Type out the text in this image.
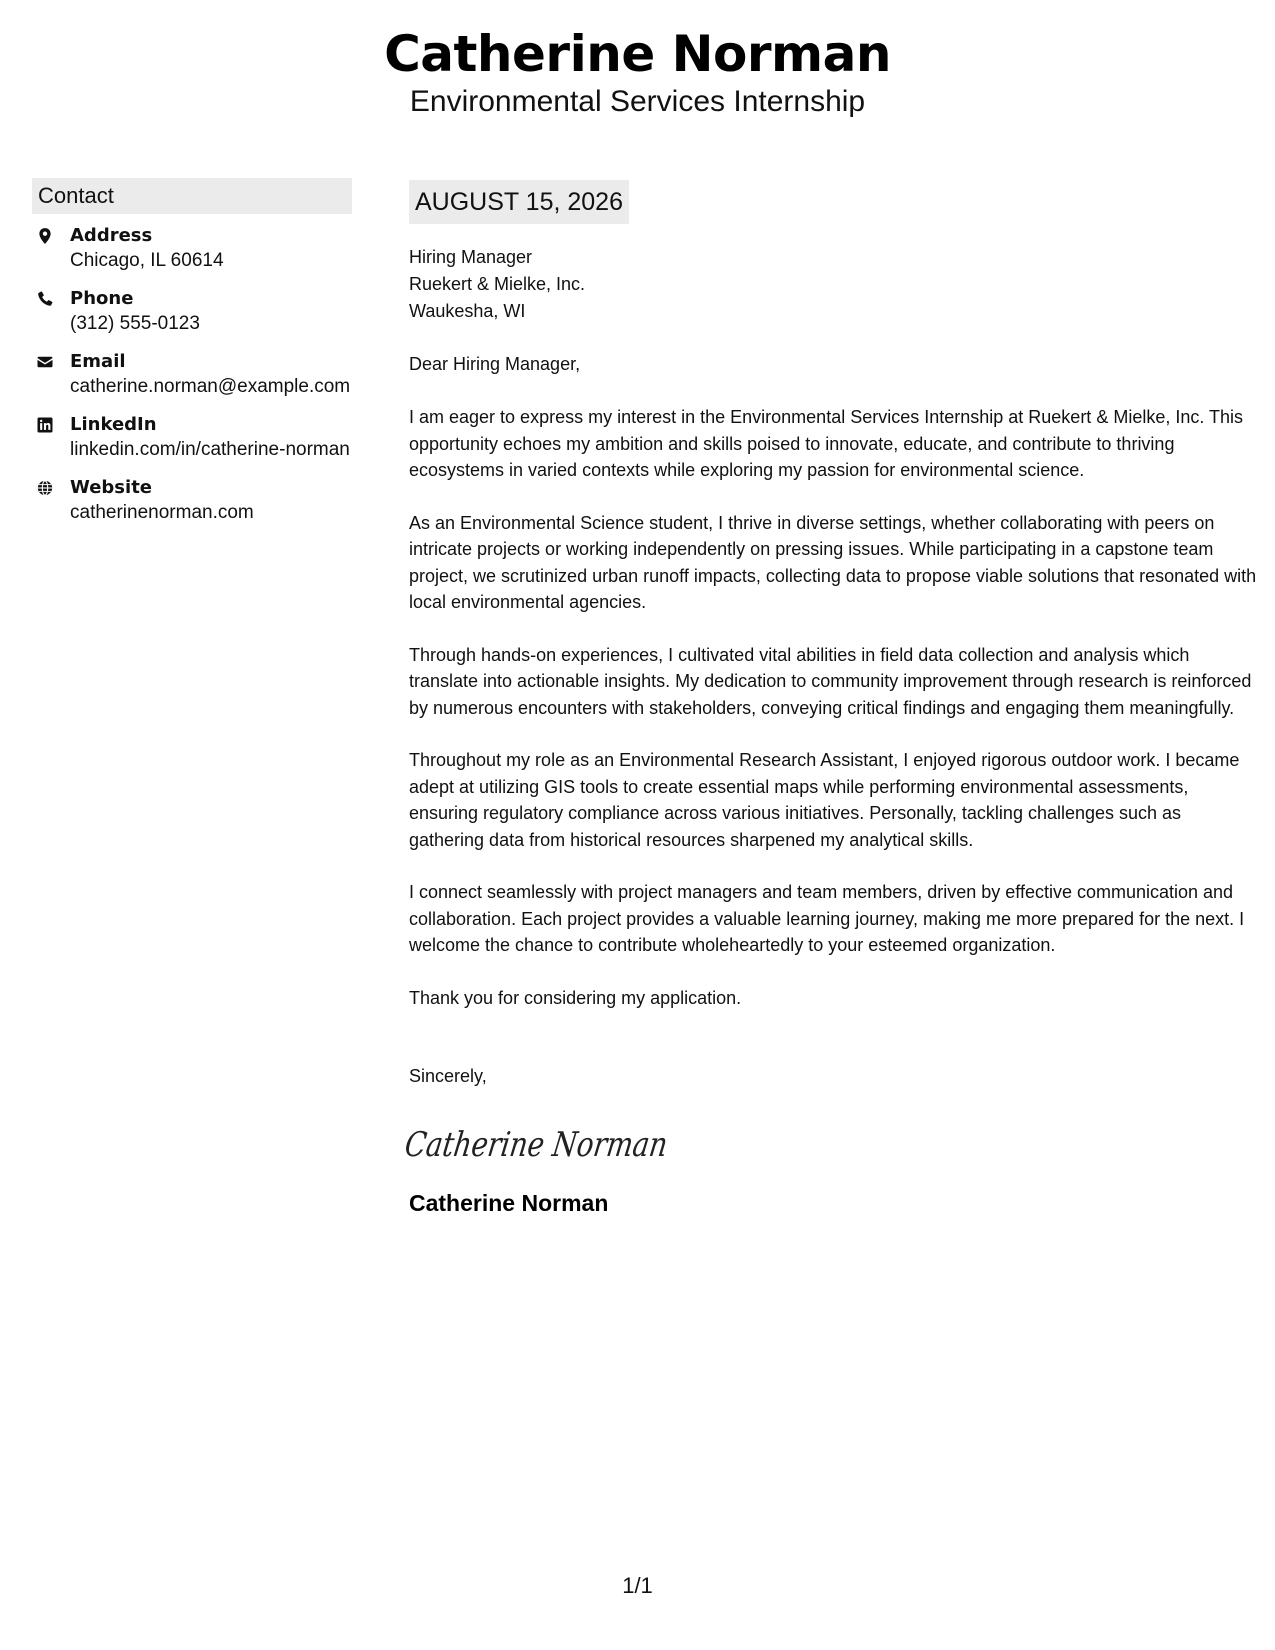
Catherine Norman
Environmental Services Internship
Contact
Address
Chicago, IL 60614
Phone
(312) 555-0123
Email
catherine.norman@example.com
LinkedIn
linkedin.com/in/catherine-norman
Website
catherinenorman.com
AUGUST 15, 2026
Hiring Manager
Ruekert & Mielke, Inc.
Waukesha, WI
Dear Hiring Manager,

I am eager to express my interest in the Environmental Services Internship at Ruekert & Mielke, Inc. This opportunity echoes my ambition and skills poised to innovate, educate, and contribute to thriving ecosystems in varied contexts while exploring my passion for environmental science.

As an Environmental Science student, I thrive in diverse settings, whether collaborating with peers on intricate projects or working independently on pressing issues. While participating in a capstone team project, we scrutinized urban runoff impacts, collecting data to propose viable solutions that resonated with local environmental agencies.

Through hands-on experiences, I cultivated vital abilities in field data collection and analysis which translate into actionable insights. My dedication to community improvement through research is reinforced by numerous encounters with stakeholders, conveying critical findings and engaging them meaningfully.

Throughout my role as an Environmental Research Assistant, I enjoyed rigorous outdoor work. I became adept at utilizing GIS tools to create essential maps while performing environmental assessments, ensuring regulatory compliance across various initiatives. Personally, tackling challenges such as gathering data from historical resources sharpened my analytical skills.

I connect seamlessly with project managers and team members, driven by effective communication and collaboration. Each project provides a valuable learning journey, making me more prepared for the next. I welcome the chance to contribute wholeheartedly to your esteemed organization.

Thank you for considering my application.

Sincerely,
Catherine Norman
Catherine Norman
1/1
